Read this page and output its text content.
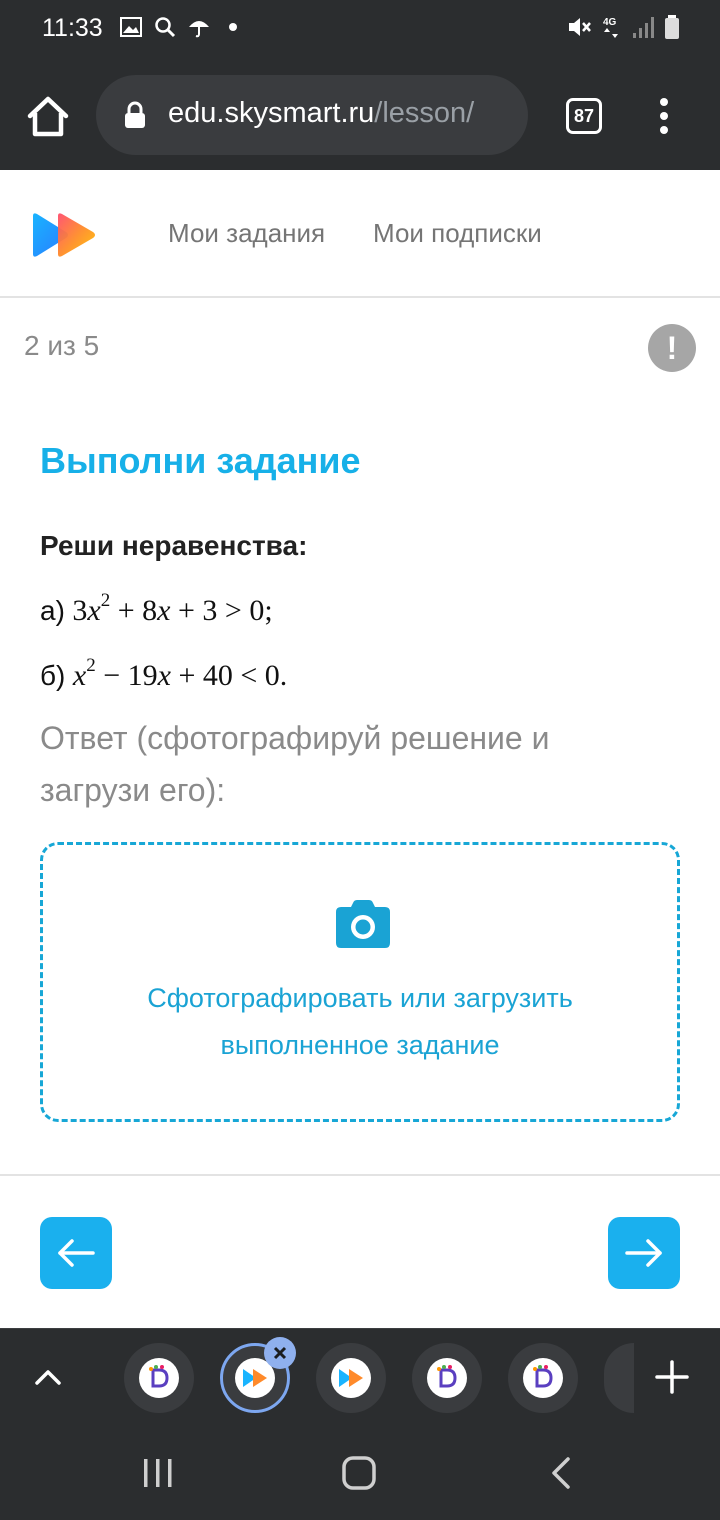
11:33	4G
edu.skysmart.ru/lesson/	87
Мои задания Мои подписки
2 из 5	!
Выполни задание
Реши неравенства:
а) $3x^2 + 8x + 3 > 0$;
б) $x^2 - 19x + 40 < 0$.
Ответ (сфотографируй решение и загрузи его):
Сфотографировать или загрузить
выполненное задание
